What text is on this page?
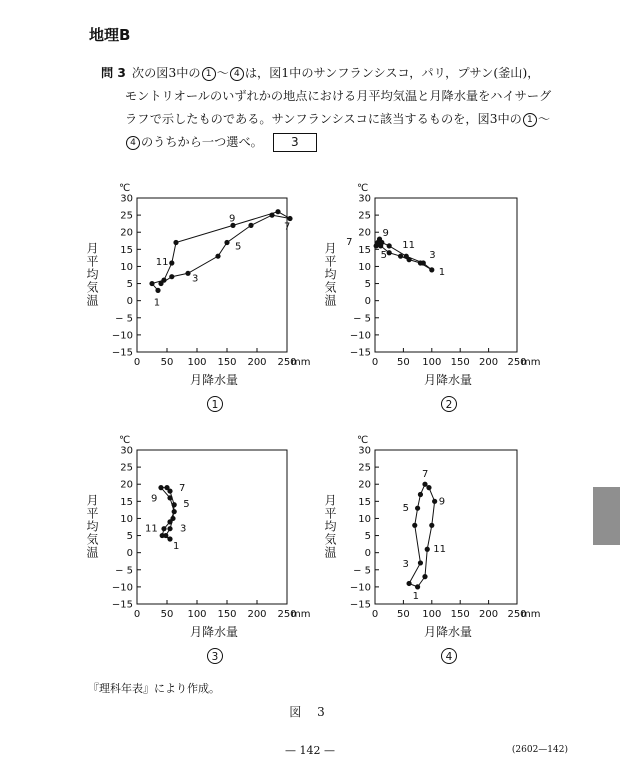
地理B
問 3 次の図3中の 1 ～ 4 は，図1中のサンフランシスコ，パリ，プサン(釜山)，
モントリオールのいずれかの地点における月平均気温と月降水量をハイサーグ
ラフで示したものである。サンフランシスコに該当するものを，図3中の 1 ～
4 のうちから一つ選べ。 3
30
25
20
15
10
5
0
− 5
−10
−15
0 50 100 150 200 250
mm
℃
月平均気温
月降水量
1
1
3
5
7
9
11
30
25
20
15
10
5
0
− 5
−10
−15
0 50 100 150 200 250
mm
℃
月平均気温
月降水量
2
1
3
5
7
9
11
30
25
20
15
10
5
0
− 5
−10
−15
0 50 100 150 200 250
mm
℃
月平均気温
月降水量
3
1
3
5
7
9
11
30
25
20
15
10
5
0
− 5
−10
−15
0 50 100 150 200 250
mm
℃
月平均気温
月降水量
4
1
3
5
7
9
11
『理科年表』により作成。
図 3
— 142 —	(2602—142)
